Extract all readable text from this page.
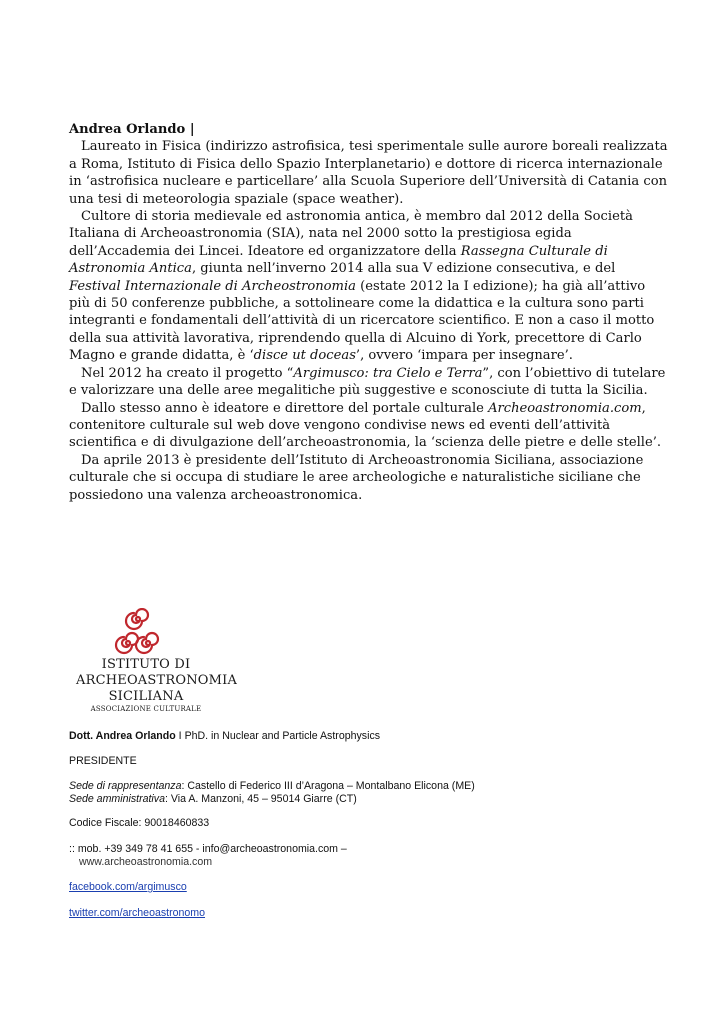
Andrea Orlando |

Laureato in Fisica (indirizzo astrofisica, tesi sperimentale sulle aurore boreali realizzata a Roma, Istituto di Fisica dello Spazio Interplanetario) e dottore di ricerca internazionale in ‘astrofisica nucleare e particellare’ alla Scuola Superiore dell’Università di Catania con una tesi di meteorologia spaziale (space weather).

Cultore di storia medievale ed astronomia antica, è membro dal 2012 della Società Italiana di Archeoastronomia (SIA), nata nel 2000 sotto la prestigiosa egida dell’Accademia dei Lincei. Ideatore ed organizzatore della Rassegna Culturale di Astronomia Antica, giunta nell’inverno 2014 alla sua V edizione consecutiva, e del Festival Internazionale di Archeostronomia (estate 2012 la I edizione); ha già all’attivo più di 50 conferenze pubbliche, a sottolineare come la didattica e la cultura sono parti integranti e fondamentali dell’attività di un ricercatore scientifico. E non a caso il motto della sua attività lavorativa, riprendendo quella di Alcuino di York, precettore di Carlo Magno e grande didatta, è ‘disce ut doceas’, ovvero ‘impara per insegnare’.

Nel 2012 ha creato il progetto “Argimusco: tra Cielo e Terra”, con l’obiettivo di tutelare e valorizzare una delle aree megalitiche più suggestive e sconosciute di tutta la Sicilia.

Dallo stesso anno è ideatore e direttore del portale culturale Archeoastronomia.com, contenitore culturale sul web dove vengono condivise news ed eventi dell’attività scientifica e di divulgazione dell’archeoastronomia, la ‘scienza delle pietre e delle stelle’.

Da aprile 2013 è presidente dell’Istituto di Archeoastronomia Siciliana, associazione culturale che si occupa di studiare le aree archeologiche e naturalistiche siciliane che possiedono una valenza archeoastronomica.

ISTITUTO DI
ARCHEOASTRONOMIA
SICILIANA
ASSOCIAZIONE CULTURALE

Dott. Andrea Orlando I PhD. in Nuclear and Particle Astrophysics

PRESIDENTE

Sede di rappresentanza: Castello di Federico III d’Aragona – Montalbano Elicona (ME)

Sede amministrativa: Via A. Manzoni, 45 – 95014 Giarre (CT)

Codice Fiscale: 90018460833

:: mob. +39 349 78 41 655 - info@archeoastronomia.com –

www.archeoastronomia.com

facebook.com/argimusco

twitter.com/archeoastronomo
